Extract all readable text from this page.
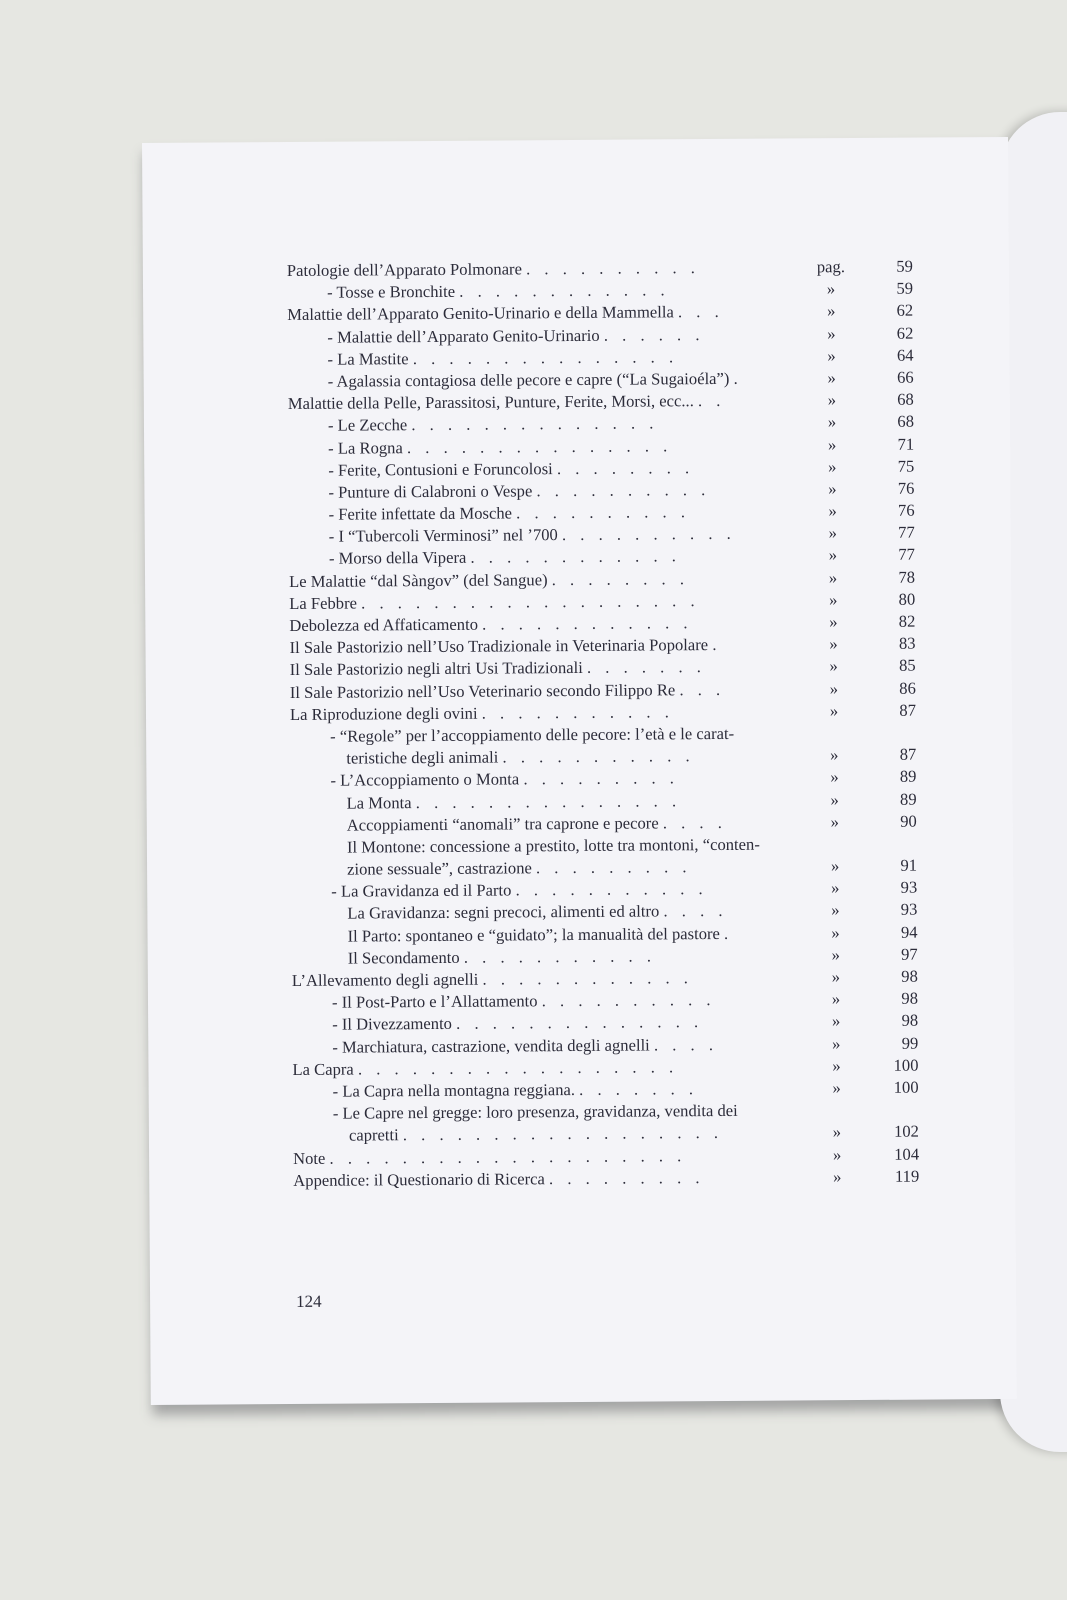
Patologie dell’Apparato Polmonare . . . . . . . . . .	pag.	59
- Tosse e Bronchite . . . . . . . . . . . .	»	59
Malattie dell’Apparato Genito-Urinario e della Mammella . . .	»	62
- Malattie dell’Apparato Genito-Urinario . . . . . .	»	62
- La Mastite . . . . . . . . . . . . . . .	»	64
- Agalassia contagiosa delle pecore e capre (“La Sugaioéla”) .	»	66
Malattie della Pelle, Parassitosi, Punture, Ferite, Morsi, ecc... . .	»	68
- Le Zecche . . . . . . . . . . . . . .	»	68
- La Rogna . . . . . . . . . . . . . . .	»	71
- Ferite, Contusioni e Foruncolosi . . . . . . . .	»	75
- Punture di Calabroni o Vespe . . . . . . . . . .	»	76
- Ferite infettate da Mosche . . . . . . . . . .	»	76
- I “Tubercoli Verminosi” nel ’700 . . . . . . . . . .	»	77
- Morso della Vipera . . . . . . . . . . . .	»	77
Le Malattie “dal Sàngov” (del Sangue) . . . . . . . .	»	78
La Febbre . . . . . . . . . . . . . . . . . . .	»	80
Debolezza ed Affaticamento . . . . . . . . . . . .	»	82
Il Sale Pastorizio nell’Uso Tradizionale in Veterinaria Popolare .	»	83
Il Sale Pastorizio negli altri Usi Tradizionali . . . . . . .	»	85
Il Sale Pastorizio nell’Uso Veterinario secondo Filippo Re . . .	»	86
La Riproduzione degli ovini . . . . . . . . . . .	»	87
- “Regole” per l’accoppiamento delle pecore: l’età e le carat-
teristiche degli animali . . . . . . . . . . .	»	87
- L’Accoppiamento o Monta . . . . . . . . .	»	89
La Monta . . . . . . . . . . . . . . .	»	89
Accoppiamenti “anomali” tra caprone e pecore . . . .	»	90
Il Montone: concessione a prestito, lotte tra montoni, “conten-
zione sessuale”, castrazione . . . . . . . . .	»	91
- La Gravidanza ed il Parto . . . . . . . . . . .	»	93
La Gravidanza: segni precoci, alimenti ed altro . . . .	»	93
Il Parto: spontaneo e “guidato”; la manualità del pastore .	»	94
Il Secondamento . . . . . . . . . . .	»	97
L’Allevamento degli agnelli . . . . . . . . . . . .	»	98
- Il Post-Parto e l’Allattamento . . . . . . . . . .	»	98
- Il Divezzamento . . . . . . . . . . . . . .	»	98
- Marchiatura, castrazione, vendita degli agnelli . . . .	»	99
La Capra . . . . . . . . . . . . . . . . . .	»	100
- La Capra nella montagna reggiana. . . . . . . .	»	100
- Le Capre nel gregge: loro presenza, gravidanza, vendita dei
capretti . . . . . . . . . . . . . . . . . .	»	102
Note . . . . . . . . . . . . . . . . . . . .	»	104
Appendice: il Questionario di Ricerca . . . . . . . . .	»	119
124
